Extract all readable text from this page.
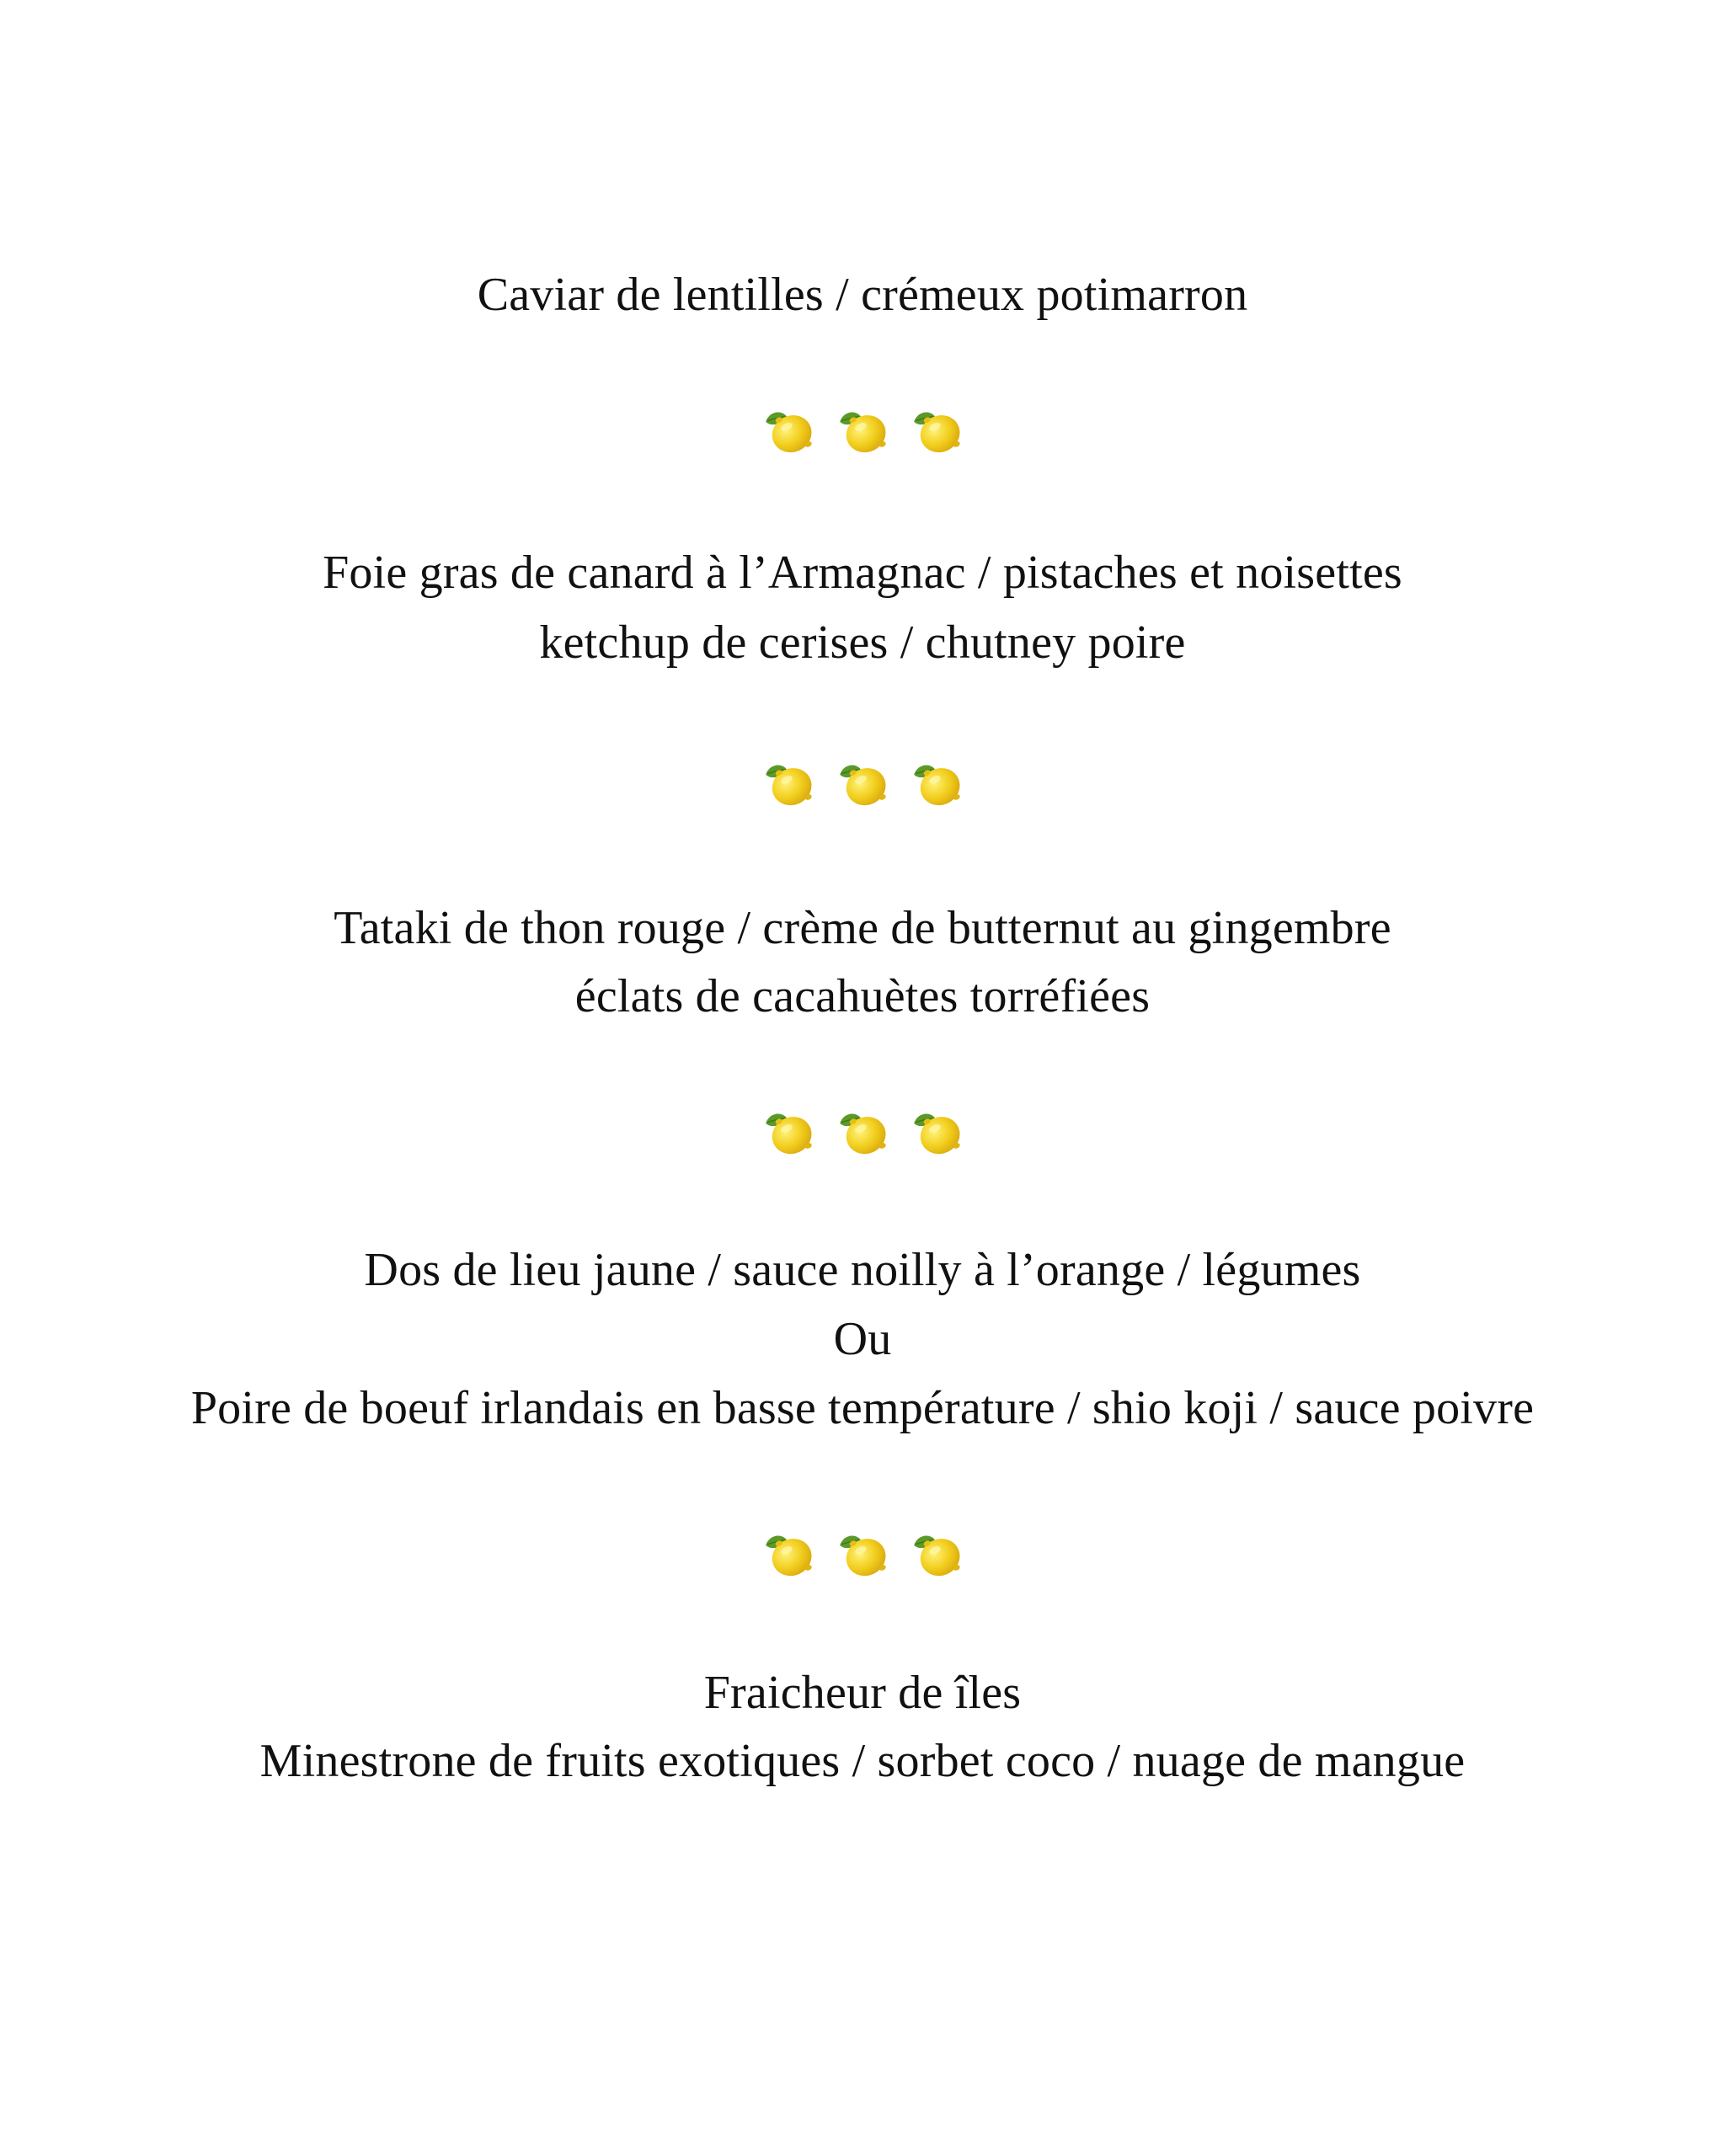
Caviar de lentilles / crémeux potimarron
Foie gras de canard à l’Armagnac / pistaches et noisettes
ketchup de cerises / chutney poire
Tataki de thon rouge / crème de butternut au gingembre
éclats de cacahuètes torréfiées
Dos de lieu jaune / sauce noilly à l’orange / légumes
Ou
Poire de boeuf irlandais en basse température / shio koji / sauce poivre
Fraicheur de îles
Minestrone de fruits exotiques / sorbet coco / nuage de mangue
